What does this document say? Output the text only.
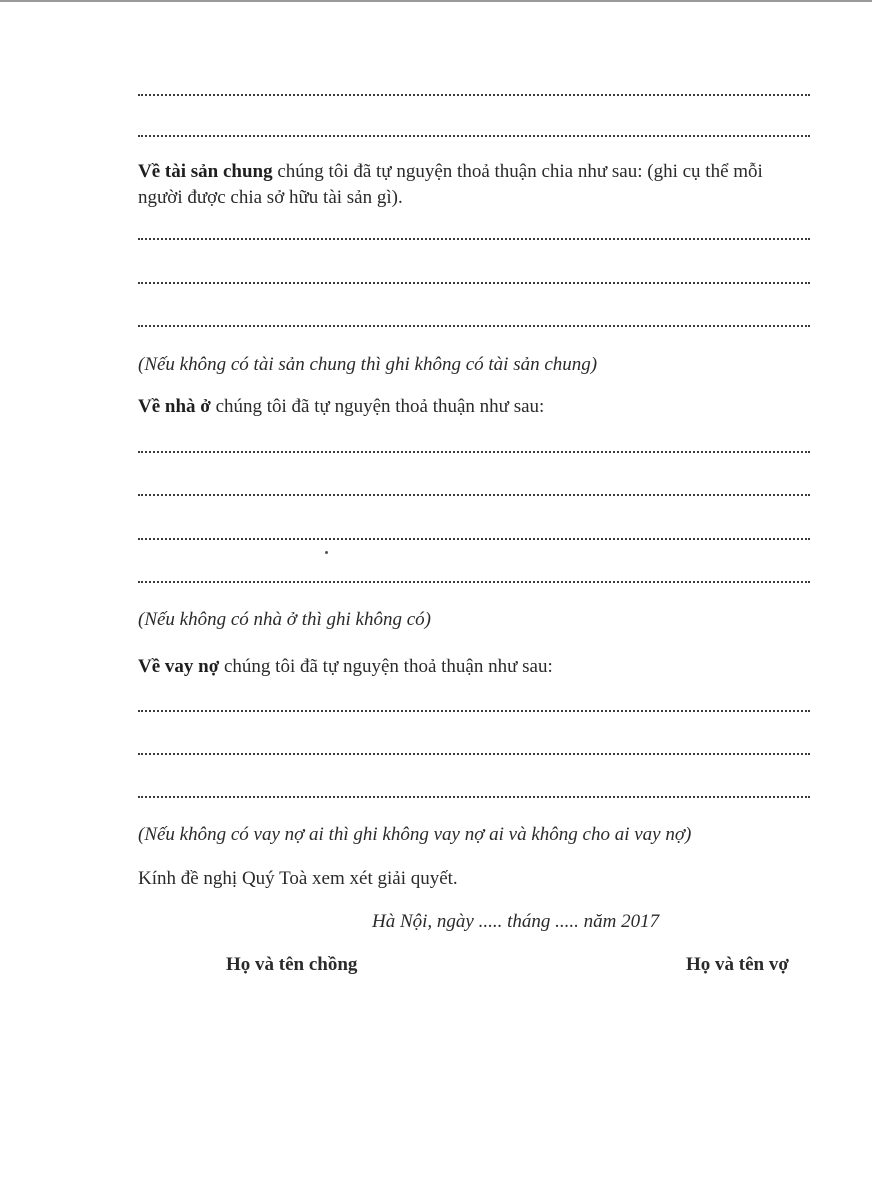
Về tài sản chung chúng tôi đã tự nguyện thoả thuận chia như sau: (ghi cụ thể mỗi người được chia sở hữu tài sản gì).
(Nếu không có tài sản chung thì ghi không có tài sản chung)
Về nhà ở chúng tôi đã tự nguyện thoả thuận như sau:
(Nếu không có nhà ở thì ghi không có)
Về vay nợ chúng tôi đã tự nguyện thoả thuận như sau:
(Nếu không có vay nợ ai thì ghi không vay nợ ai và không cho ai vay nợ)
Kính đề nghị Quý Toà xem xét giải quyết.
Hà Nội, ngày ..... tháng ..... năm 2017
Họ và tên chồng	Họ và tên vợ
